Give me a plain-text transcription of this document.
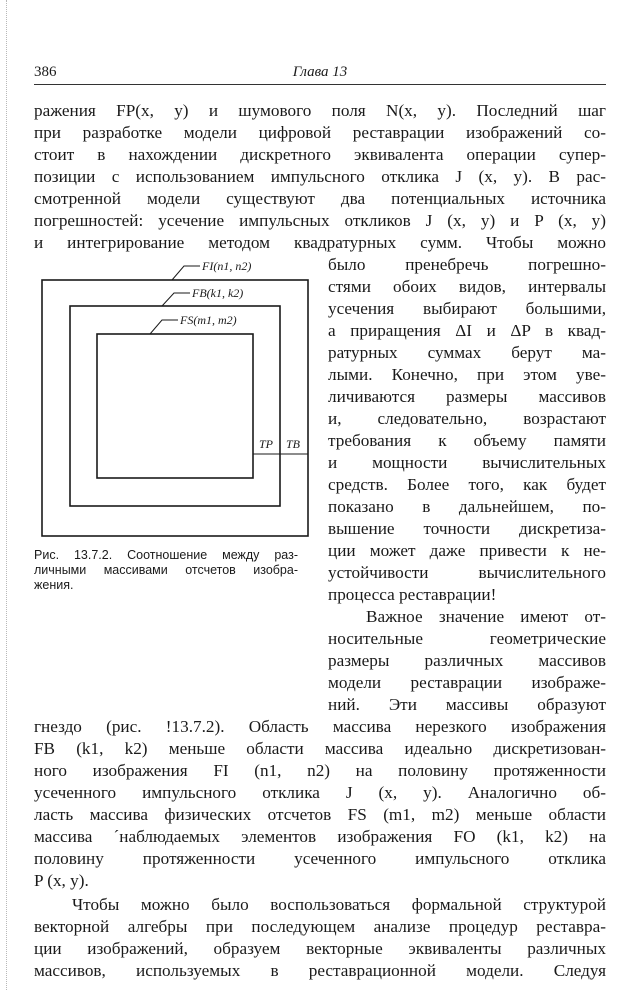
386	Глава 13
ражения FP(x, y) и шумового поля N(x, y). Последний шаг
при разработке модели цифровой реставрации изображений со-
стоит в нахождении дискретного эквивалента операции супер-
позиции с использованием импульсного отклика J (x, y). В рас-
смотренной модели существуют два потенциальных источника
погрешностей: усечение импульсных откликов J (x, y) и P (x, y)
и интегрирование методом квадратурных сумм. Чтобы можно
было пренебречь погрешно-
стями обоих видов, интервалы
усечения выбирают большими,
а приращения ΔI и ΔP в квад-
ратурных суммах берут ма-
лыми. Конечно, при этом уве-
личиваются размеры массивов
и, следовательно, возрастают
требования к объему памяти
и мощности вычислительных
средств. Более того, как будет
показано в дальнейшем, по-
вышение точности дискретиза-
ции может даже привести к не-
устойчивости вычислительного
процесса реставрации!
Важное значение имеют от-
носительные геометрические
размеры различных массивов
модели реставрации изображе-
ний. Эти массивы образуют
гнездо (рис. !13.7.2). Область массива нерезкого изображения
FB (k1, k2) меньше области массива идеально дискретизован-
ного изображения FI (n1, n2) на половину протяженности
усеченного импульсного отклика J (x, y). Аналогично об-
ласть массива физических отсчетов FS (m1, m2) меньше области
массива ´наблюдаемых элементов изображения FO (k1, k2) на
половину протяженности усеченного импульсного отклика
P (x, y).
Чтобы можно было воспользоваться формальной структурой
векторной алгебры при последующем анализе процедур реставра-
ции изображений, образуем векторные эквиваленты различных
массивов, используемых в реставрационной модели. Следуя
FI(n1, n2)
FB(k1, k2)
FS(m1, m2)
TP TB
Рис. 13.7.2. Соотношение между раз-
личными массивами отсчетов изобра-
жения.
методам разд. 9.2, и в этом случае изменим индексы массивов
таким образом, чтобы в каждом из них первый элемент занял
верхний левый угол.¹
Затем установим векторные соотношения между отдель-
ными блоками модели, для чего произведем развертку
столбцов указанных массивов.
